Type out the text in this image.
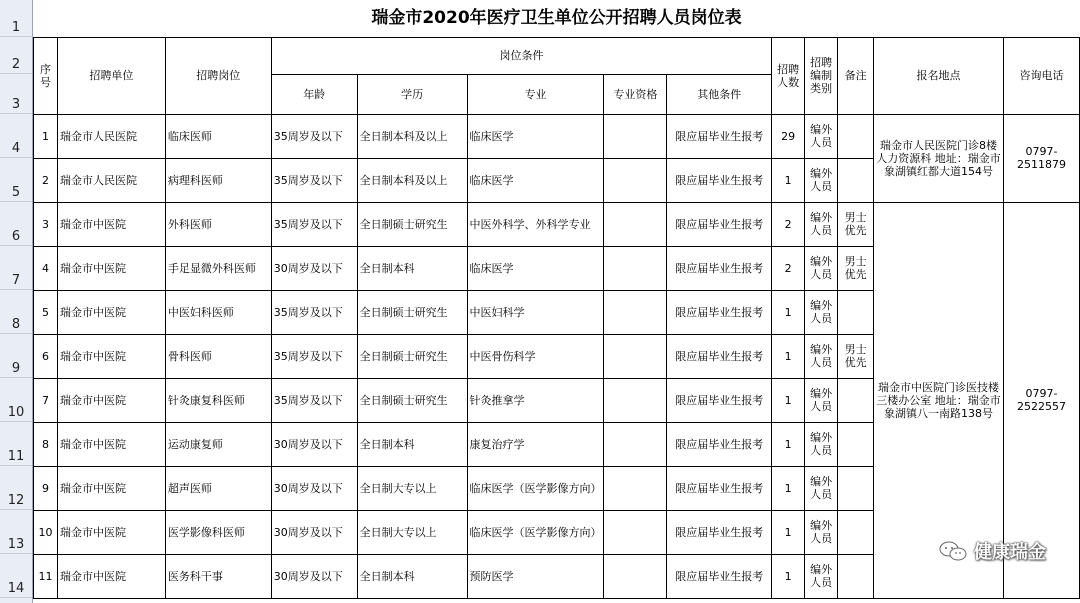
1
2
3
4
5
6
7
8
9
10
11
12
13
14
瑞金市2020年医疗卫生单位公开招聘人员岗位表												
序号	招聘单位	招聘岗位	岗位条件					招聘人数	招聘编制类别	备注	报名地点	咨询电话
			年龄	学历	专业	专业资格	其他条件					
1	瑞金市人民医院	临床医师	35周岁及以下	全日制本科及以上	临床医学		限应届毕业生报考	29	编外人员		瑞金市人民医院门诊8楼人力资源科 地址：瑞金市象湖镇红都大道154号	0797-2511879
2	瑞金市人民医院	病理科医师	35周岁及以下	全日制本科及以上	临床医学		限应届毕业生报考	1	编外人员			
3	瑞金市中医院	外科医师	35周岁及以下	全日制硕士研究生	中医外科学、外科学专业		限应届毕业生报考	2	编外人员	男士优先	瑞金市中医院门诊医技楼三楼办公室 地址：瑞金市象湖镇八一南路138号	0797-2522557
4	瑞金市中医院	手足显微外科医师	30周岁及以下	全日制本科	临床医学		限应届毕业生报考	2	编外人员	男士优先		
5	瑞金市中医院	中医妇科医师	35周岁及以下	全日制硕士研究生	中医妇科学		限应届毕业生报考	1	编外人员			
6	瑞金市中医院	骨科医师	35周岁及以下	全日制硕士研究生	中医骨伤科学		限应届毕业生报考	1	编外人员	男士优先		
7	瑞金市中医院	针灸康复科医师	35周岁及以下	全日制硕士研究生	针灸推拿学		限应届毕业生报考	1	编外人员			
8	瑞金市中医院	运动康复师	30周岁及以下	全日制本科	康复治疗学		限应届毕业生报考	1	编外人员			
9	瑞金市中医院	超声医师	30周岁及以下	全日制大专以上	临床医学（医学影像方向）		限应届毕业生报考	1	编外人员			
10	瑞金市中医院	医学影像科医师	30周岁及以下	全日制大专以上	临床医学（医学影像方向）		限应届毕业生报考	1	编外人员			
11	瑞金市中医院	医务科干事	30周岁及以下	全日制本科	预防医学		限应届毕业生报考	1	编外人员			
健康瑞金
